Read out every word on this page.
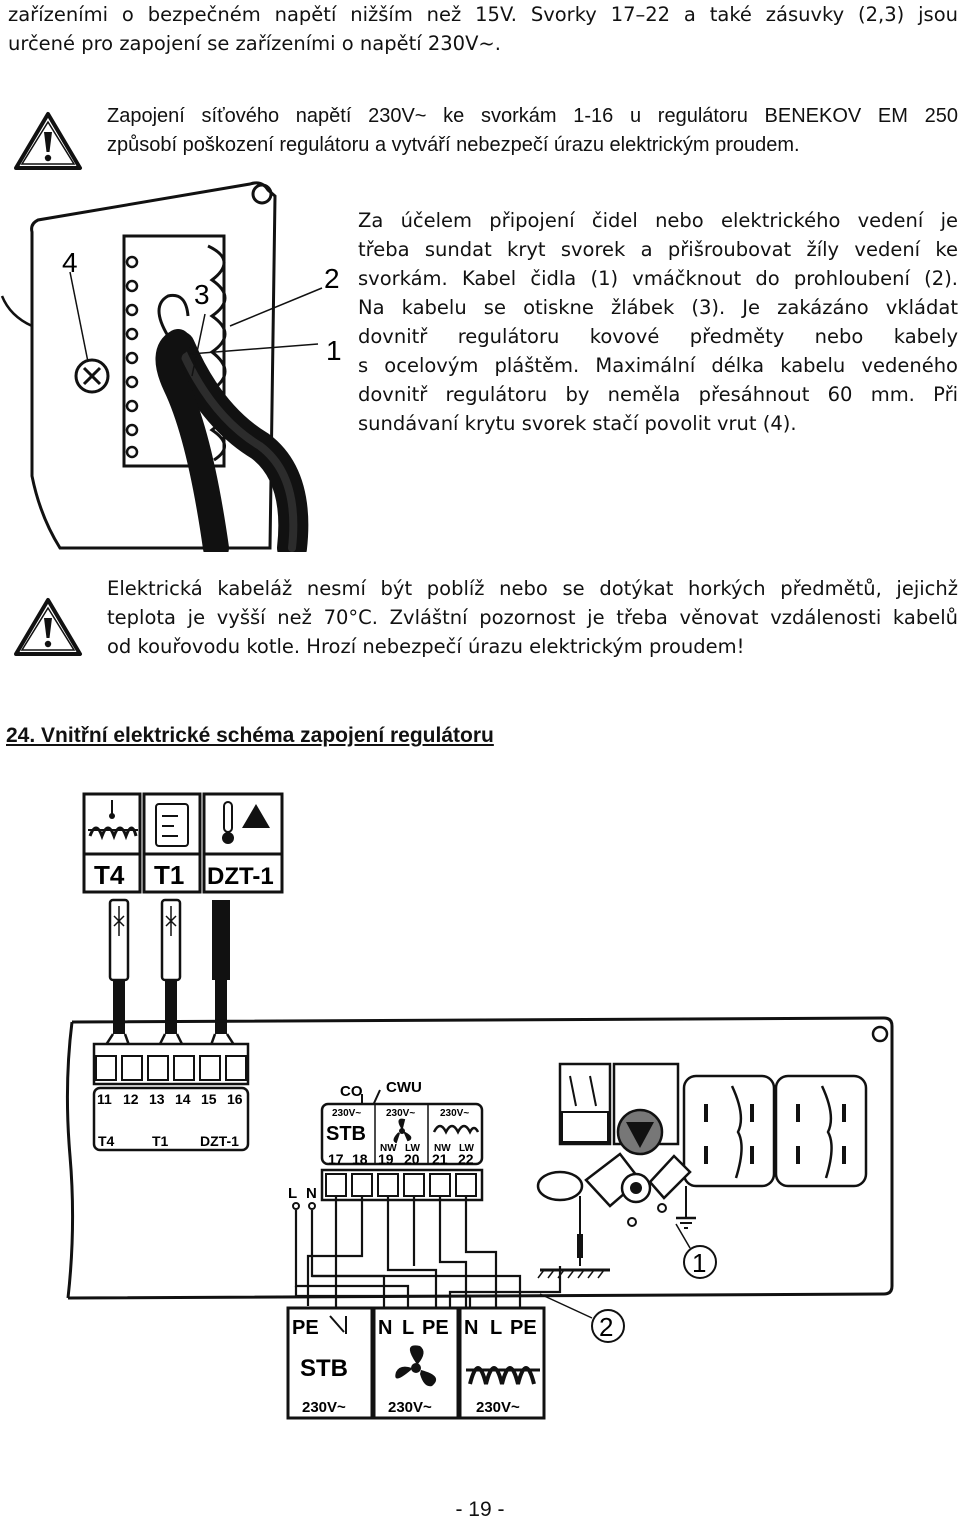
zařízeními o bezpečném napětí nižším než 15V. Svorky 17–22 a také zásuvky (2,3) jsou
určené pro zapojení se zařízeními o napětí 230V~.
Zapojení síťového napětí 230V~ ke svorkám 1-16 u regulátoru BENEKOV EM 250
způsobí poškození regulátoru a vytváří nebezpečí úrazu elektrickým proudem.
4
3
2
1
Za účelem připojení čidel nebo elektrického vedení je
třeba sundat kryt svorek a přišroubovat žíly vedení ke
svorkám. Kabel čidla (1) vmáčknout do prohloubení (2).
Na kabelu se otiskne žlábek (3). Je zakázáno vkládat
dovnitř regulátoru kovové předměty nebo kabely
s ocelovým pláštěm. Maximální délka kabelu vedeného
dovnitř regulátoru by neměla přesáhnout 60 mm. Při
sundávaní krytu svorek stačí povolit vrut (4).
Elektrická kabeláž nesmí být poblíž nebo se dotýkat horkých předmětů, jejichž
teplota je vyšší než 70°C. Zvláštní pozornost je třeba věnovat vzdálenosti kabelů
od kouřovodu kotle. Hrozí nebezpečí úrazu elektrickým proudem!
24. Vnitřní elektrické schéma zapojení regulátoru
T4 T1 DZT-1
11 12 13 14 15 16
T4	T1 DZT-1
CO CWU
230V~ 230V~ 230V~
STB
NW LW NW LW
17 18 19 20 21 22
L N
1
2
PE
STB
230V~
N L PE
230V~
N L PE
230V~
- 19 -
